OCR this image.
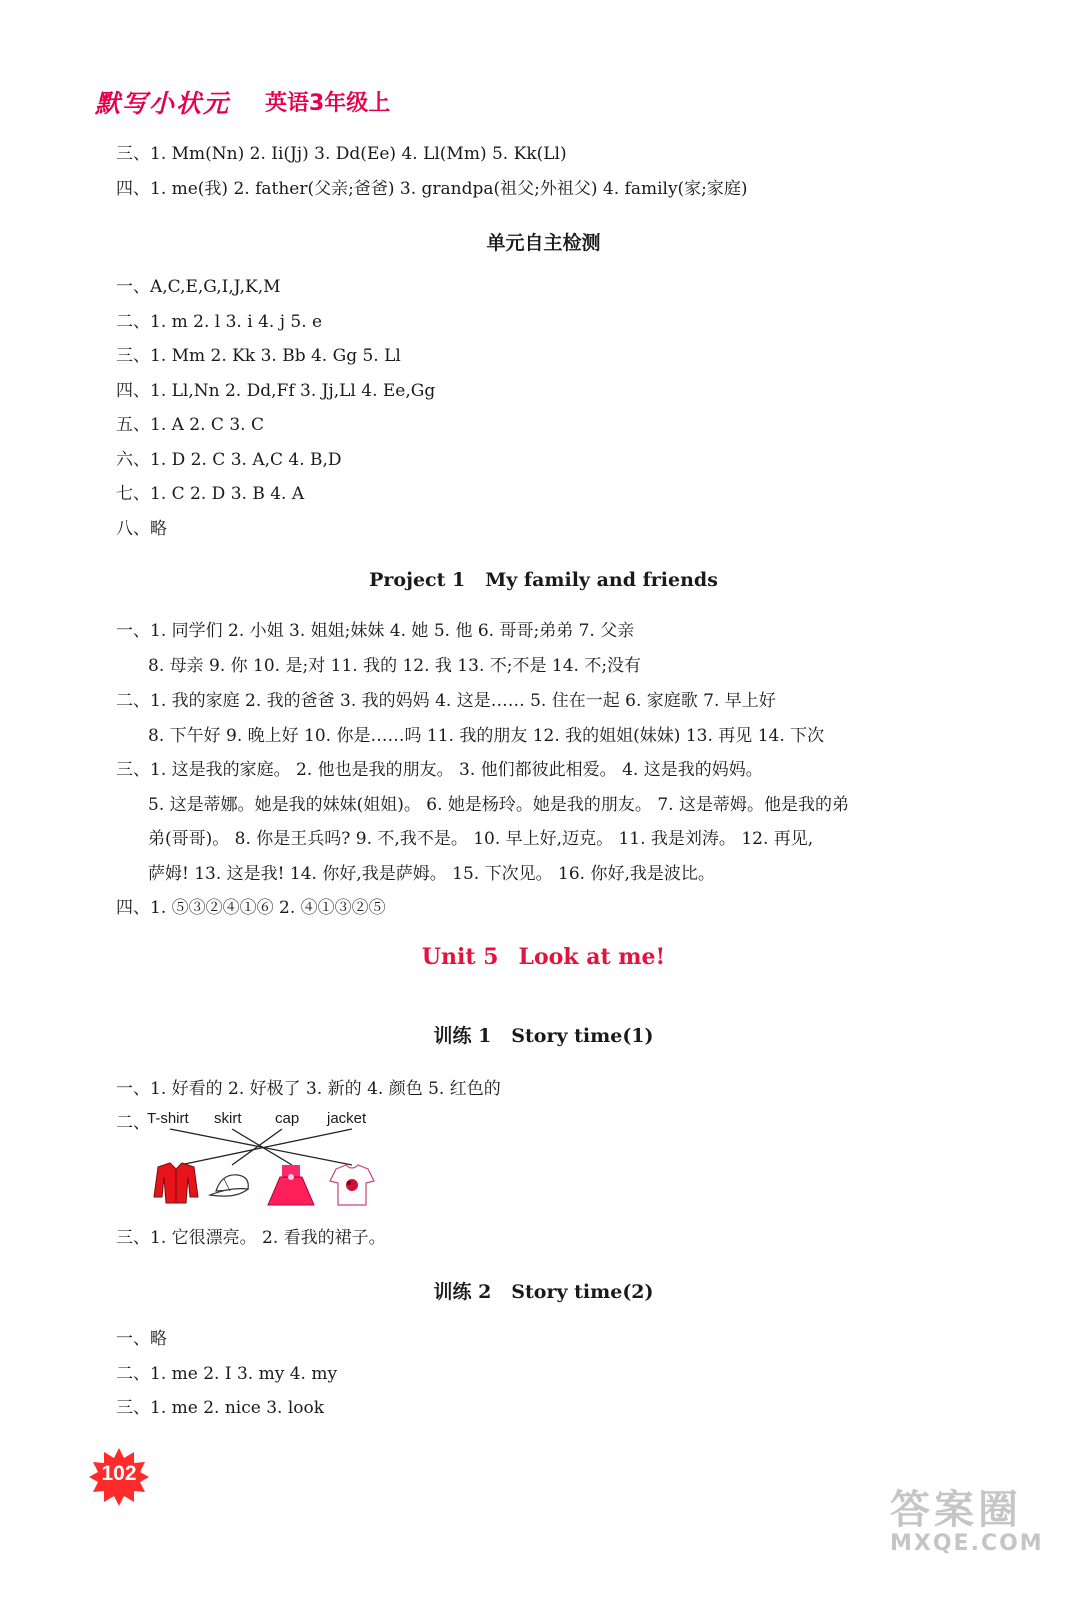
默写小状元 英语3年级上
三、1. Mm(Nn) 2. Ii(Jj) 3. Dd(Ee) 4. Ll(Mm) 5. Kk(Ll)
四、1. me(我) 2. father(父亲;爸爸) 3. grandpa(祖父;外祖父) 4. family(家;家庭)
单元自主检测
一、A,C,E,G,I,J,K,M
二、1. m 2. l 3. i 4. j 5. e
三、1. Mm 2. Kk 3. Bb 4. Gg 5. Ll
四、1. Ll,Nn 2. Dd,Ff 3. Jj,Ll 4. Ee,Gg
五、1. A 2. C 3. C
六、1. D 2. C 3. A,C 4. B,D
七、1. C 2. D 3. B 4. A
八、略
Project 1 My family and friends
一、1. 同学们 2. 小姐 3. 姐姐;妹妹 4. 她 5. 他 6. 哥哥;弟弟 7. 父亲
8. 母亲 9. 你 10. 是;对 11. 我的 12. 我 13. 不;不是 14. 不;没有
二、1. 我的家庭 2. 我的爸爸 3. 我的妈妈 4. 这是…… 5. 住在一起 6. 家庭歌 7. 早上好
8. 下午好 9. 晚上好 10. 你是……吗 11. 我的朋友 12. 我的姐姐(妹妹) 13. 再见 14. 下次
三、1. 这是我的家庭。 2. 他也是我的朋友。 3. 他们都彼此相爱。 4. 这是我的妈妈。
5. 这是蒂娜。她是我的妹妹(姐姐)。 6. 她是杨玲。她是我的朋友。 7. 这是蒂姆。他是我的弟
弟(哥哥)。 8. 你是王兵吗? 9. 不,我不是。 10. 早上好,迈克。 11. 我是刘涛。 12. 再见,
萨姆! 13. 这是我! 14. 你好,我是萨姆。 15. 下次见。 16. 你好,我是波比。
四、1. ⑤③②④①⑥ 2. ④①③②⑤
Unit 5 Look at me!
训练 1 Story time(1)
一、1. 好看的 2. 好极了 3. 新的 4. 颜色 5. 红色的
二、
T-shirt skirt cap jacket
三、1. 它很漂亮。 2. 看我的裙子。
训练 2 Story time(2)
一、略
二、1. me 2. I 3. my 4. my
三、1. me 2. nice 3. look
102
答案圈
MXQE.COM
